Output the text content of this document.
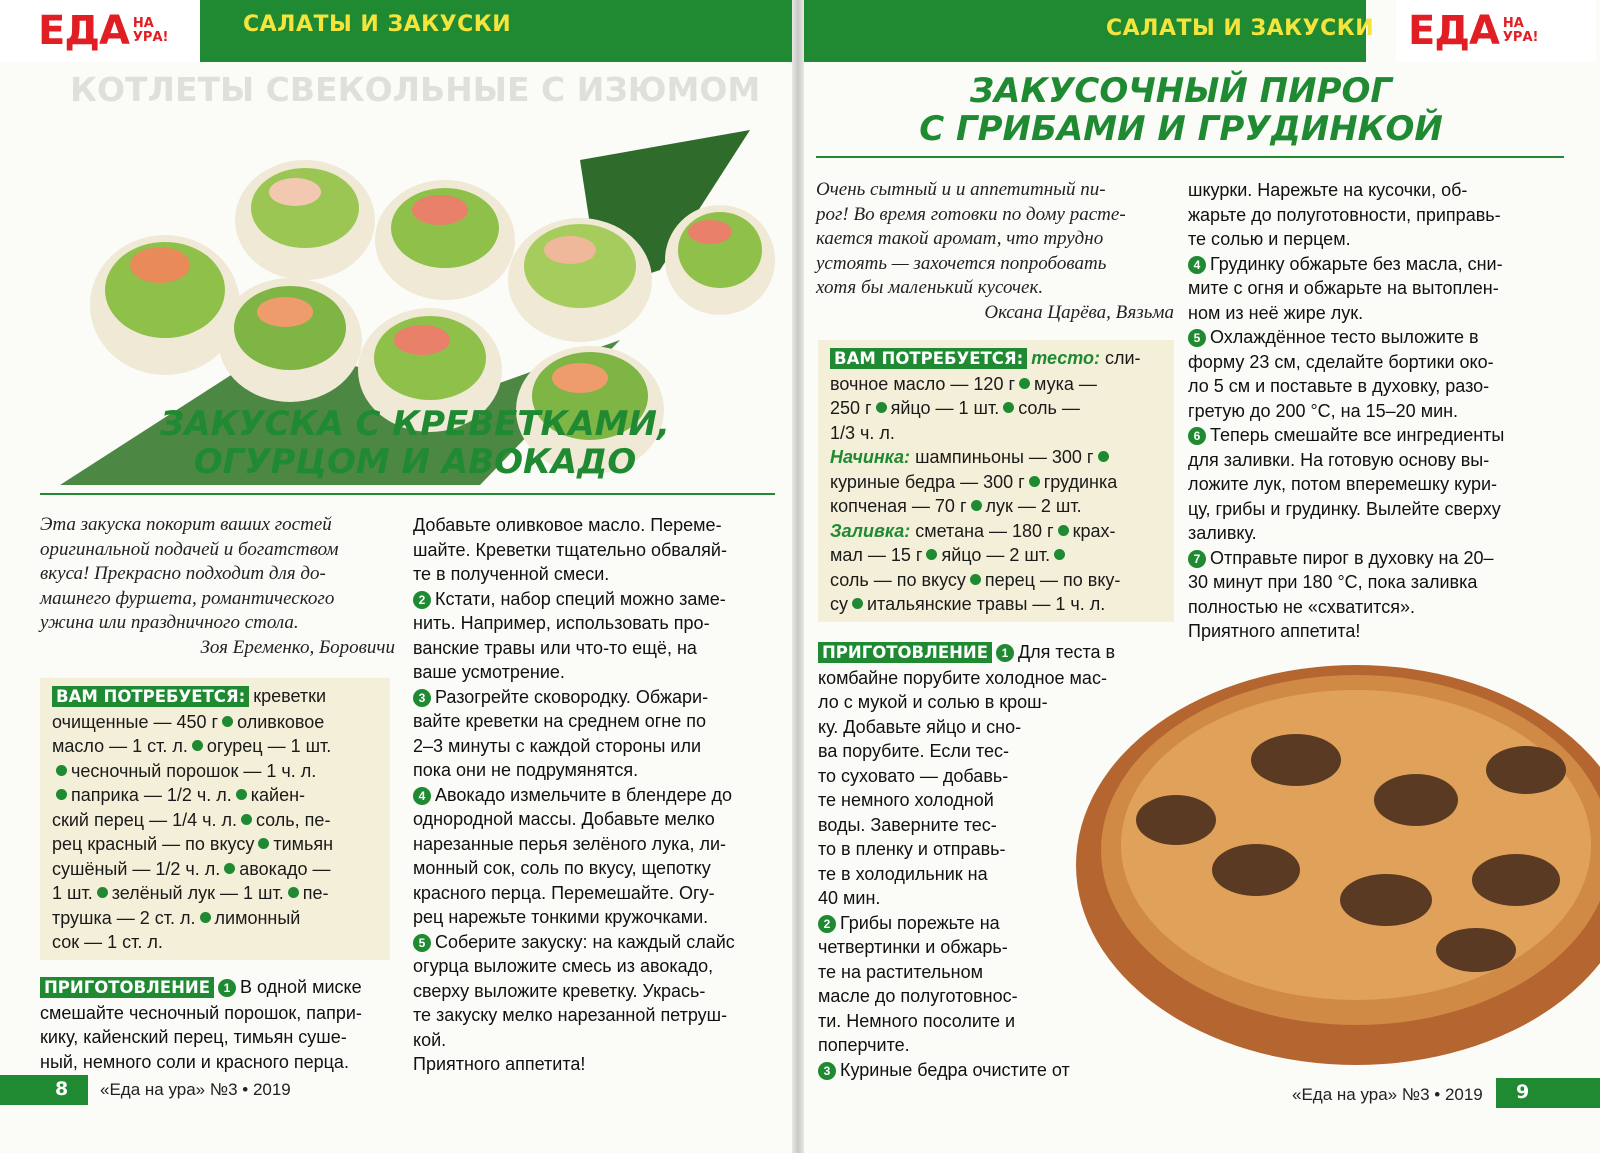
ЕДА НА
УРА!
САЛАТЫ И ЗАКУСКИ
КОТЛЕТЫ СВЕКОЛЬНЫЕ С ИЗЮМОМ
ЗАКУСКА С КРЕВЕТКАМИ,
ОГУРЦОМ И АВОКАДО

Эта закуска покорит ваших гостей

оригинальной подачей и богатством

вкуса! Прекрасно подходит для до-

машнего фуршета, романтического

ужина или праздничного стола.

Зоя Еременко, Боровичи

ВАМ ПОТРЕБУЕТСЯ: креветки

очищенные — 450 г оливковое

масло — 1 ст. л. огурец — 1 шт.

чесночный порошок — 1 ч. л.

паприка — 1/2 ч. л. кайен-

ский перец — 1/4 ч. л. соль, пе-

рец красный — по вкусу тимьян

сушёный — 1/2 ч. л. авокадо —

1 шт. зелёный лук — 1 шт. пе-

трушка — 2 ст. л. лимонный

сок — 1 ст. л.

ПРИГОТОВЛЕНИЕ 1 В одной миске

смешайте чесночный порошок, папри-

кику, кайенский перец, тимьян суше-

ный, немного соли и красного перца.

Добавьте оливковое масло. Переме-

шайте. Креветки тщательно обваляй-

те в полученной смеси.

2 Кстати, набор специй можно заме-

нить. Например, использовать про-

ванские травы или что-то ещё, на

ваше усмотрение.

3 Разогрейте сковородку. Обжари-

вайте креветки на среднем огне по

2–3 минуты с каждой стороны или

пока они не подрумянятся.

4 Авокадо измельчите в блендере до

однородной массы. Добавьте мелко

нарезанные перья зелёного лука, ли-

монный сок, соль по вкусу, щепотку

красного перца. Перемешайте. Огу-

рец нарежьте тонкими кружочками.

5 Соберите закуску: на каждый слайс

огурца выложите смесь из авокадо,

сверху выложите креветку. Укрась-

те закуску мелко нарезанной петруш-

кой.

Приятного аппетита!

8 «Еда на ура» №3 • 2019
ЕДА НА
УРА!
САЛАТЫ И ЗАКУСКИ
ЗАКУСОЧНЫЙ ПИРОГ
С ГРИБАМИ И ГРУДИНКОЙ

Очень сытный и и аппетитный пи-

рог! Во время готовки по дому расте-

кается такой аромат, что трудно

устоять — захочется попробовать

хотя бы маленький кусочек.

Оксана Царёва, Вязьма

ВАМ ПОТРЕБУЕТСЯ: тесто: сли-

вочное масло — 120 г мука —

250 г яйцо — 1 шт. соль —

1/3 ч. л.

Начинка: шампиньоны — 300 г

куриные бедра — 300 г грудинка

копченая — 70 г лук — 2 шт.

Заливка: сметана — 180 г крах-

мал — 15 г яйцо — 2 шт.

соль — по вкусу перец — по вку-

су итальянские травы — 1 ч. л.

ПРИГОТОВЛЕНИЕ 1 Для теста в

комбайне порубите холодное мас-

ло с мукой и солью в крош-

ку. Добавьте яйцо и сно-

ва порубите. Если тес-

то суховато — добавь-

те немного холодной

воды. Заверните тес-

то в пленку и отправь-

те в холодильник на

40 мин.

2 Грибы порежьте на

четвертинки и обжарь-

те на растительном

масле до полуготовнос-

ти. Немного посолите и

поперчите.

3 Куриные бедра очистите от

шкурки. Нарежьте на кусочки, об-

жарьте до полуготовности, приправь-

те солью и перцем.

4 Грудинку обжарьте без масла, сни-

мите с огня и обжарьте на вытоплен-

ном из неё жире лук.

5 Охлаждённое тесто выложите в

форму 23 см, сделайте бортики око-

ло 5 см и поставьте в духовку, разо-

гретую до 200 °С, на 15–20 мин.

6 Теперь смешайте все ингредиенты

для заливки. На готовую основу вы-

ложите лук, потом вперемешку кури-

цу, грибы и грудинку. Вылейте сверху

заливку.

7 Отправьте пирог в духовку на 20–

30 минут при 180 °С, пока заливка

полностью не «схватится».

Приятного аппетита!

«Еда на ура» №3 • 2019 9
